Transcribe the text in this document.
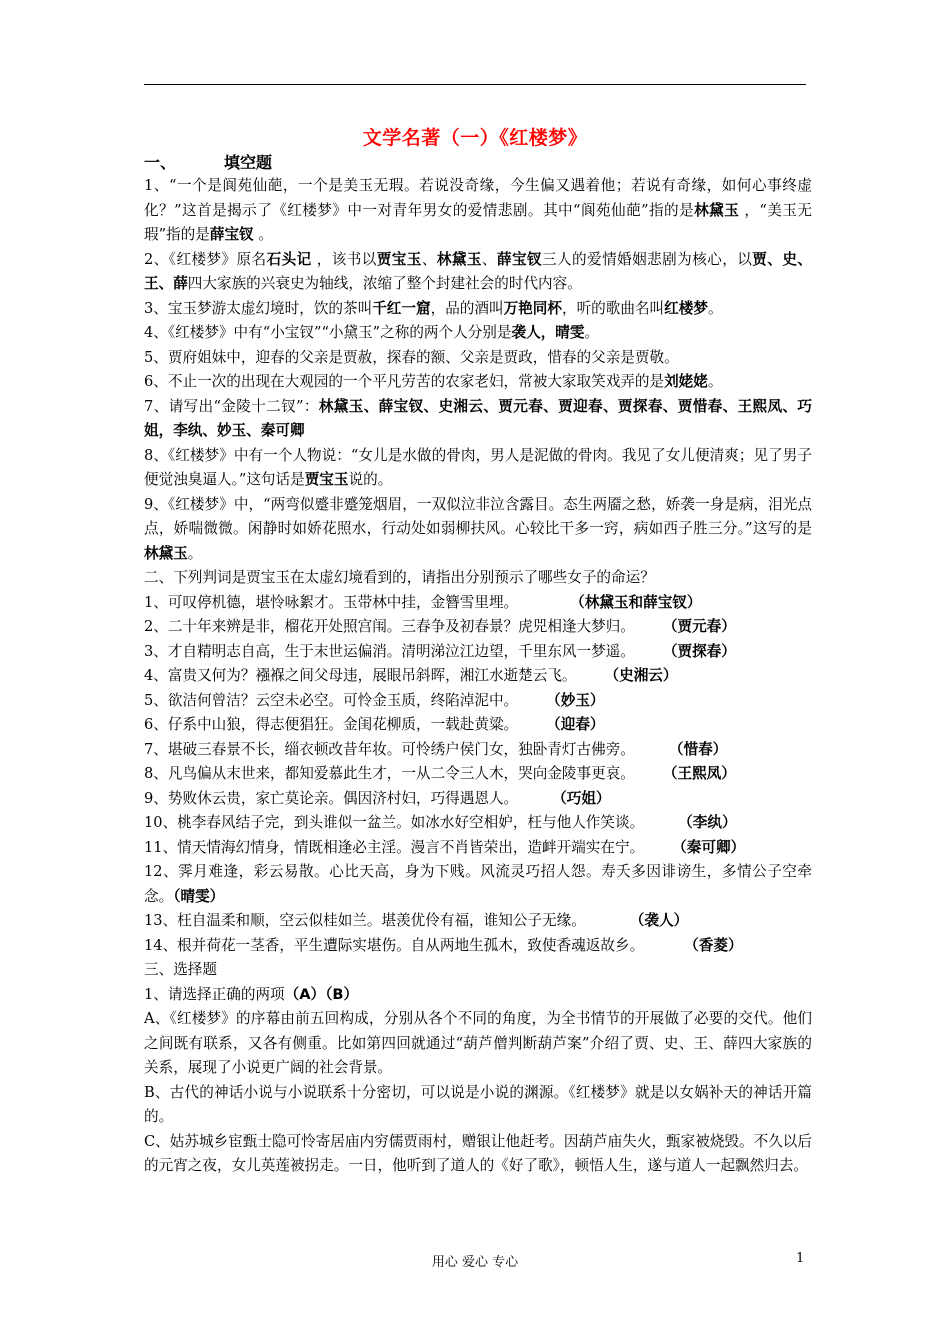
文学名著（一）《红楼梦》

一、	填空题

1、“一个是阆苑仙葩，一个是美玉无瑕。若说没奇缘，今生偏又遇着他；若说有奇缘，如何心事终虚化？”这首是揭示了《红楼梦》中一对青年男女的爱情悲剧。其中“阆苑仙葩”指的是林黛玉 ，“美玉无瑕”指的是薛宝钗 。

2、《红楼梦》原名石头记 ，该书以贾宝玉、林黛玉、薛宝钗三人的爱情婚姻悲剧为核心，以贾、史、王、薛四大家族的兴衰史为轴线，浓缩了整个封建社会的时代内容。

3、宝玉梦游太虚幻境时，饮的茶叫千红一窟，品的酒叫万艳同杯，听的歌曲名叫红楼梦。

4、《红楼梦》中有“小宝钗”“小黛玉”之称的两个人分别是袭人，晴雯。

5、贾府姐妹中，迎春的父亲是贾赦，探春的额、父亲是贾政，惜春的父亲是贾敬。

6、不止一次的出现在大观园的一个平凡劳苦的农家老妇，常被大家取笑戏弄的是刘姥姥。

7、请写出“金陵十二钗”：林黛玉、薛宝钗、史湘云、贾元春、贾迎春、贾探春、贾惜春、王熙凤、巧姐，李纨、妙玉、秦可卿

8、《红楼梦》中有一个人物说：“女儿是水做的骨肉，男人是泥做的骨肉。我见了女儿便清爽；见了男子便觉浊臭逼人。”这句话是贾宝玉说的。

9、《红楼梦》中，“两弯似蹙非蹙笼烟眉，一双似泣非泣含露目。态生两靥之愁，娇袭一身是病，泪光点点，娇喘微微。闲静时如娇花照水，行动处如弱柳扶风。心较比干多一窍，病如西子胜三分。”这写的是林黛玉。

二、下列判词是贾宝玉在太虚幻境看到的，请指出分别预示了哪些女子的命运？

1、可叹停机德，堪怜咏絮才。玉带林中挂，金簪雪里埋。	（林黛玉和薛宝钗）
2、二十年来辨是非，榴花开处照宫闱。三春争及初春景？虎兕相逢大梦归。 （贾元春）
3、才自精明志自高，生于末世运偏消。清明涕泣江边望，千里东风一梦遥。 （贾探春）
4、富贵又何为？襁褓之间父母违，展眼吊斜晖，湘江水逝楚云飞。 （史湘云）
5、欲洁何曾洁？云空未必空。可怜金玉质，终陷淖泥中。 （妙玉）
6、仔系中山狼，得志便猖狂。金闺花柳质，一载赴黄粱。 （迎春）
7、堪破三春景不长，缁衣顿改昔年妆。可怜绣户侯门女，独卧青灯古佛旁。 （惜春）
8、凡鸟偏从末世来，都知爱慕此生才，一从二令三人木，哭向金陵事更哀。 （王熙凤）
9、势败休云贵，家亡莫论亲。偶因济村妇，巧得遇恩人。 （巧姐）
10、桃李春风结子完，到头谁似一盆兰。如冰水好空相妒，枉与他人作笑谈。 （李纨）
11、情天情海幻情身，情既相逢必主淫。漫言不肖皆荣出，造衅开端实在宁。 （秦可卿）

12、霁月难逢，彩云易散。心比天高，身为下贱。风流灵巧招人怨。寿夭多因诽谤生，多情公子空牵念。（晴雯）

13、枉自温柔和顺，空云似桂如兰。堪羡优伶有福，谁知公子无缘。	（袭人）
14、根并荷花一茎香，平生遭际实堪伤。自从两地生孤木，致使香魂返故乡。	（香菱）

三、选择题

1、请选择正确的两项（A）（B）

A、《红楼梦》的序幕由前五回构成，分别从各个不同的角度，为全书情节的开展做了必要的交代。他们之间既有联系，又各有侧重。比如第四回就通过“葫芦僧判断葫芦案”介绍了贾、史、王、薛四大家族的关系，展现了小说更广阔的社会背景。

B、古代的神话小说与小说联系十分密切，可以说是小说的渊源。《红楼梦》就是以女娲补天的神话开篇的。

C、姑苏城乡宦甄士隐可怜寄居庙内穷儒贾雨村，赠银让他赶考。因葫芦庙失火，甄家被烧毁。不久以后的元宵之夜，女儿英莲被拐走。一日，他听到了道人的《好了歌》，顿悟人生，遂与道人一起飘然归去。

用心 爱心 专心	1
